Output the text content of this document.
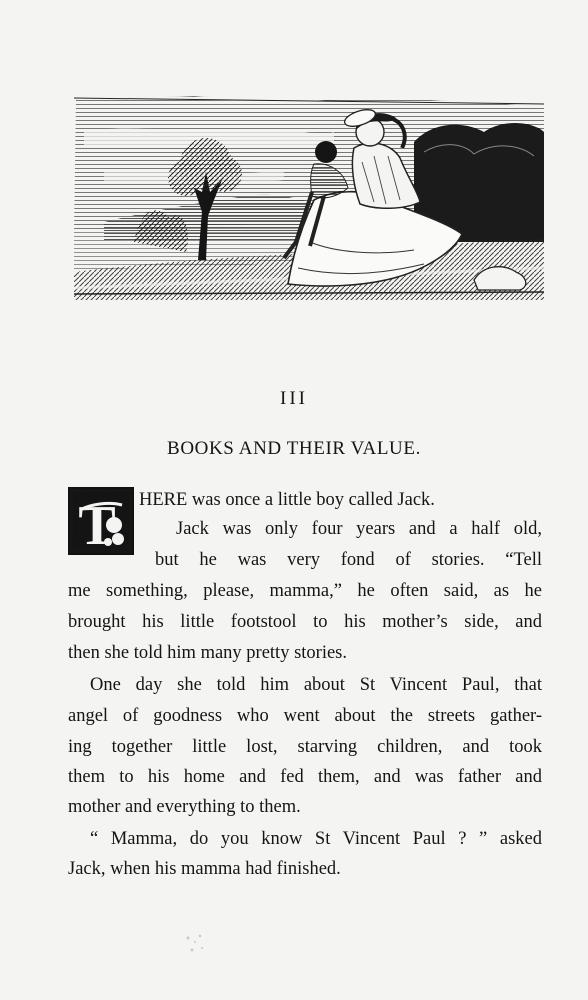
III
BOOKS AND THEIR VALUE.
T HERE was once a little boy called Jack.
Jack was only four years and a half old,
but he was very fond of stories. “Tell
me something, please, mamma,” he often said, as he
brought his little footstool to his mother’s side, and
then she told him many pretty stories.
One day she told him about St Vincent Paul, that
angel of goodness who went about the streets gather-
ing together little lost, starving children, and took
them to his home and fed them, and was father and
mother and everything to them.
“ Mamma, do you know St Vincent Paul ? ” asked
Jack, when his mamma had finished.
